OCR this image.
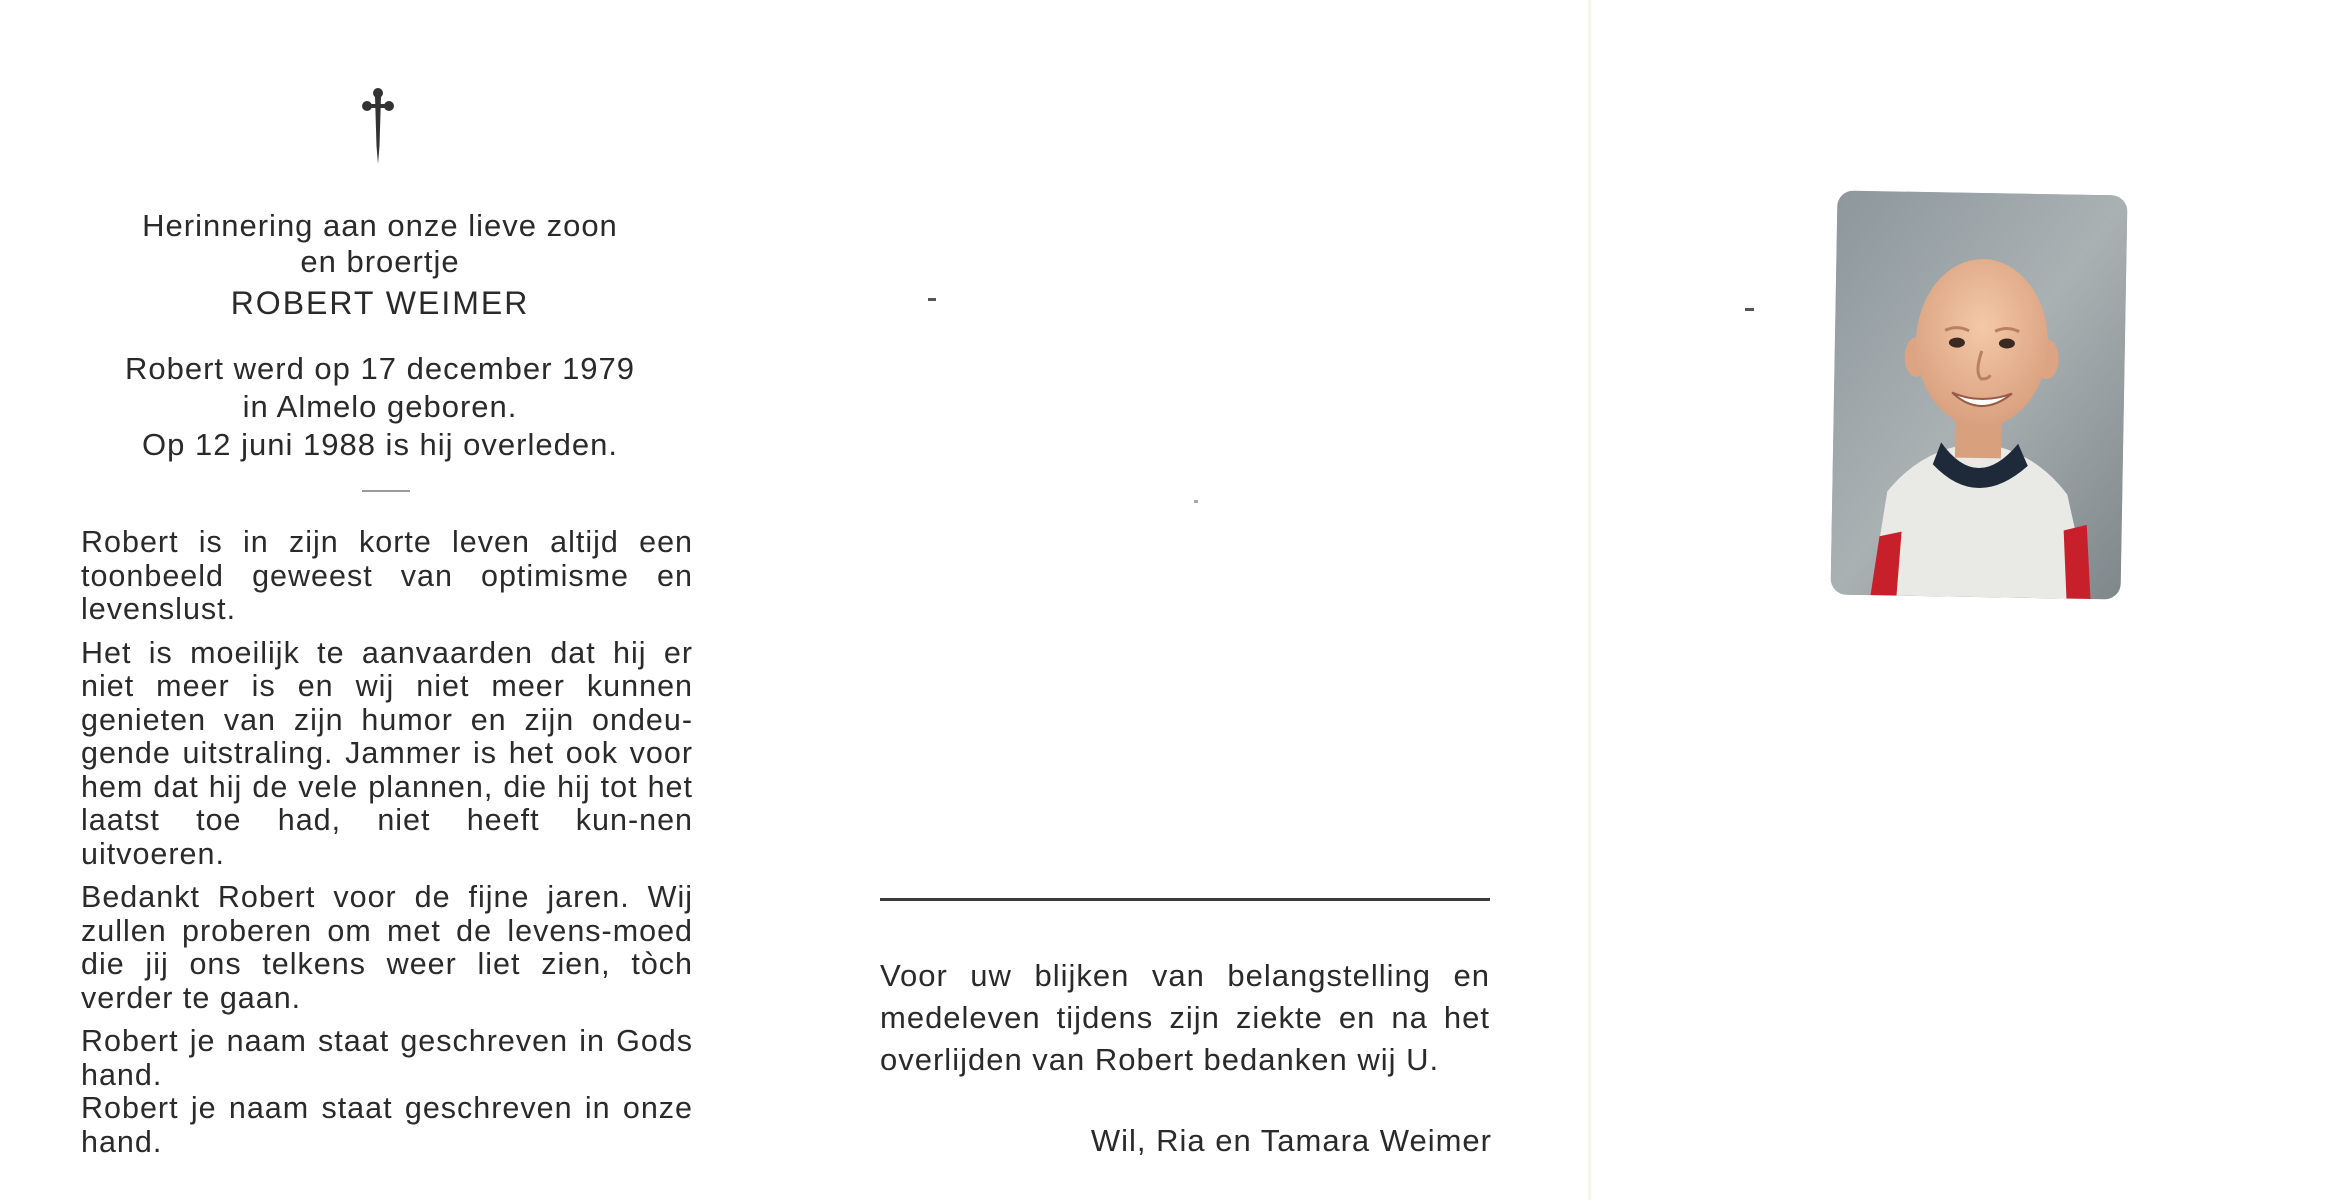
Herinnering aan onze lieve zoon
en broertje
ROBERT WEIMER
Robert werd op 17 december 1979
in Almelo geboren.
Op 12 juni 1988 is hij overleden.

Robert is in zijn korte leven altijd een toonbeeld geweest van optimisme en levenslust.

Het is moeilijk te aanvaarden dat hij er niet meer is en wij niet meer kunnen genieten van zijn humor en zijn ondeu-gende uitstraling. Jammer is het ook voor hem dat hij de vele plannen, die hij tot het laatst toe had, niet heeft kun-nen uitvoeren.

Bedankt Robert voor de fijne jaren. Wij zullen proberen om met de levens-moed die jij ons telkens weer liet zien, tòch verder te gaan.

Robert je naam staat geschreven in Gods hand.

Robert je naam staat geschreven in onze hand.

Voor uw blijken van belangstelling en medeleven tijdens zijn ziekte en na het overlijden van Robert bedanken wij U.

Wil, Ria en Tamara Weimer
